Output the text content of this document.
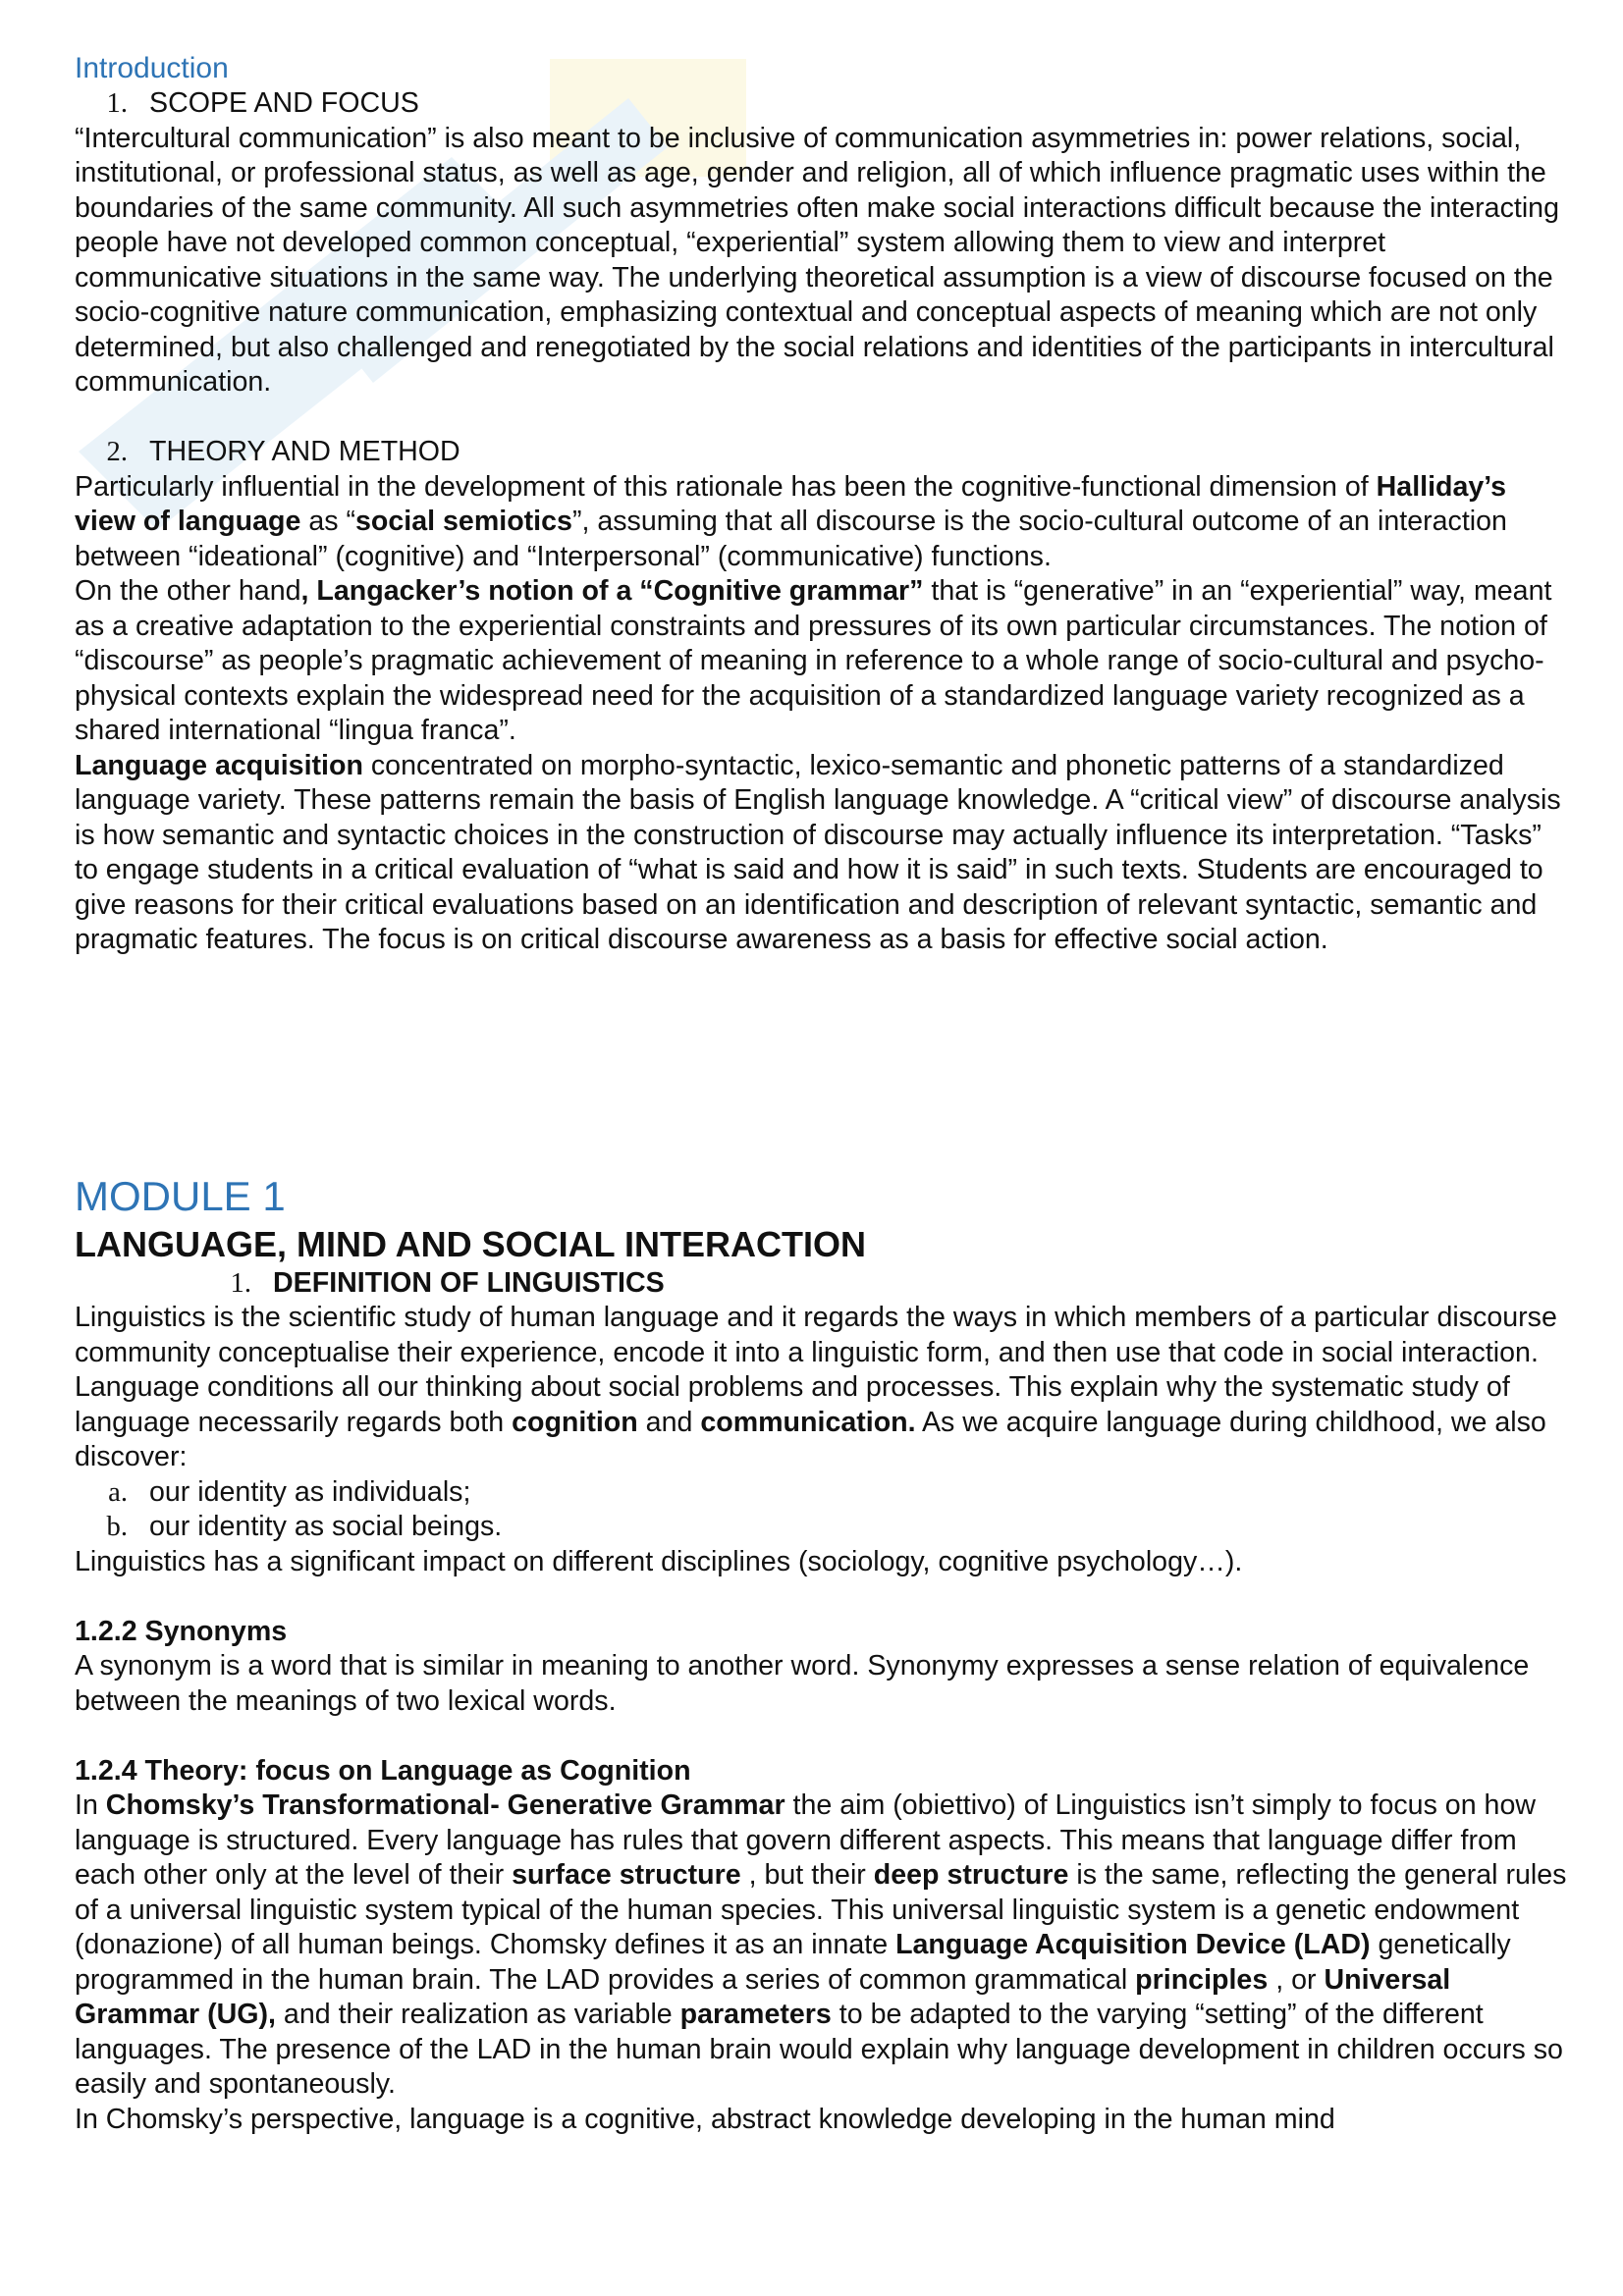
Introduction

1. SCOPE AND FOCUS

“Intercultural communication” is also meant to be inclusive of communication asymmetries in: power relations, social, institutional, or professional status, as well as age, gender and religion, all of which influence pragmatic uses within the boundaries of the same community. All such asymmetries often make social interactions difficult because the interacting people have not developed common conceptual, “experiential” system allowing them to view and interpret communicative situations in the same way. The underlying theoretical assumption is a view of discourse focused on the socio-cognitive nature communication, emphasizing contextual and conceptual aspects of meaning which are not only determined, but also challenged and renegotiated by the social relations and identities of the participants in intercultural communication.

2. THEORY AND METHOD

Particularly influential in the development of this rationale has been the cognitive-functional dimension of Halliday’s view of language as “social semiotics”, assuming that all discourse is the socio-cultural outcome of an interaction between “ideational” (cognitive) and “Interpersonal” (communicative) functions.

On the other hand, Langacker’s notion of a “Cognitive grammar” that is “generative” in an “experiential” way, meant as a creative adaptation to the experiential constraints and pressures of its own particular circumstances. The notion of “discourse” as people’s pragmatic achievement of meaning in reference to a whole range of socio-cultural and psycho-physical contexts explain the widespread need for the acquisition of a standardized language variety recognized as a shared international “lingua franca”.

Language acquisition concentrated on morpho-syntactic, lexico-semantic and phonetic patterns of a standardized language variety. These patterns remain the basis of English language knowledge. A “critical view” of discourse analysis is how semantic and syntactic choices in the construction of discourse may actually influence its interpretation. “Tasks” to engage students in a critical evaluation of “what is said and how it is said” in such texts. Students are encouraged to give reasons for their critical evaluations based on an identification and description of relevant syntactic, semantic and pragmatic features. The focus is on critical discourse awareness as a basis for effective social action.

MODULE 1

LANGUAGE, MIND AND SOCIAL INTERACTION

1. DEFINITION OF LINGUISTICS

Linguistics is the scientific study of human language and it regards the ways in which members of a particular discourse community conceptualise their experience, encode it into a linguistic form, and then use that code in social interaction. Language conditions all our thinking about social problems and processes. This explain why the systematic study of language necessarily regards both cognition and communication. As we acquire language during childhood, we also discover:

a. our identity as individuals;
b. our identity as social beings.

Linguistics has a significant impact on different disciplines (sociology, cognitive psychology…).

1.2.2 Synonyms

A synonym is a word that is similar in meaning to another word. Synonymy expresses a sense relation of equivalence between the meanings of two lexical words.

1.2.4 Theory: focus on Language as Cognition

In Chomsky’s Transformational- Generative Grammar the aim (obiettivo) of Linguistics isn’t simply to focus on how language is structured. Every language has rules that govern different aspects. This means that language differ from each other only at the level of their surface structure , but their deep structure is the same, reflecting the general rules of a universal linguistic system typical of the human species. This universal linguistic system is a genetic endowment (donazione) of all human beings. Chomsky defines it as an innate Language Acquisition Device (LAD) genetically programmed in the human brain. The LAD provides a series of common grammatical principles , or Universal Grammar (UG), and their realization as variable parameters to be adapted to the varying “setting” of the different languages. The presence of the LAD in the human brain would explain why language development in children occurs so easily and spontaneously.

In Chomsky’s perspective, language is a cognitive, abstract knowledge developing in the human mind
